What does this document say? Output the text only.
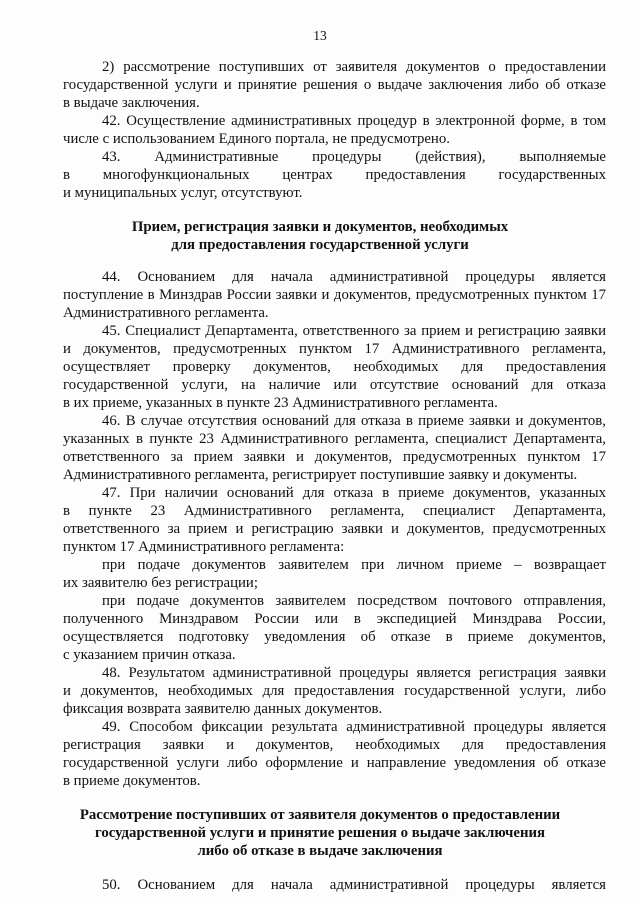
13
2) рассмотрение поступивших от заявителя документов о предоставлении
государственной услуги и принятие решения о выдаче заключения либо об отказе
в выдаче заключения.
42. Осуществление административных процедур в электронной форме, в том
числе с использованием Единого портала, не предусмотрено.
43. Административные процедуры (действия), выполняемые
в многофункциональных центрах предоставления государственных
и муниципальных услуг, отсутствуют.
Прием, регистрация заявки и документов, необходимых
для предоставления государственной услуги
44. Основанием для начала административной процедуры является
поступление в Минздрав России заявки и документов, предусмотренных пунктом 17
Административного регламента.
45. Специалист Департамента, ответственного за прием и регистрацию заявки
и документов, предусмотренных пунктом 17 Административного регламента,
осуществляет проверку документов, необходимых для предоставления
государственной услуги, на наличие или отсутствие оснований для отказа
в их приеме, указанных в пункте 23 Административного регламента.
46. В случае отсутствия оснований для отказа в приеме заявки и документов,
указанных в пункте 23 Административного регламента, специалист Департамента,
ответственного за прием заявки и документов, предусмотренных пунктом 17
Административного регламента, регистрирует поступившие заявку и документы.
47. При наличии оснований для отказа в приеме документов, указанных
в пункте 23 Административного регламента, специалист Департамента,
ответственного за прием и регистрацию заявки и документов, предусмотренных
пунктом 17 Административного регламента:
при подаче документов заявителем при личном приеме – возвращает
их заявителю без регистрации;
при подаче документов заявителем посредством почтового отправления,
полученного Минздравом России или в экспедицией Минздрава России,
осуществляется подготовку уведомления об отказе в приеме документов,
с указанием причин отказа.
48. Результатом административной процедуры является регистрация заявки
и документов, необходимых для предоставления государственной услуги, либо
фиксация возврата заявителю данных документов.
49. Способом фиксации результата административной процедуры является
регистрация заявки и документов, необходимых для предоставления
государственной услуги либо оформление и направление уведомления об отказе
в приеме документов.
Рассмотрение поступивших от заявителя документов о предоставлении
государственной услуги и принятие решения о выдаче заключения
либо об отказе в выдаче заключения
50. Основанием для начала административной процедуры является
